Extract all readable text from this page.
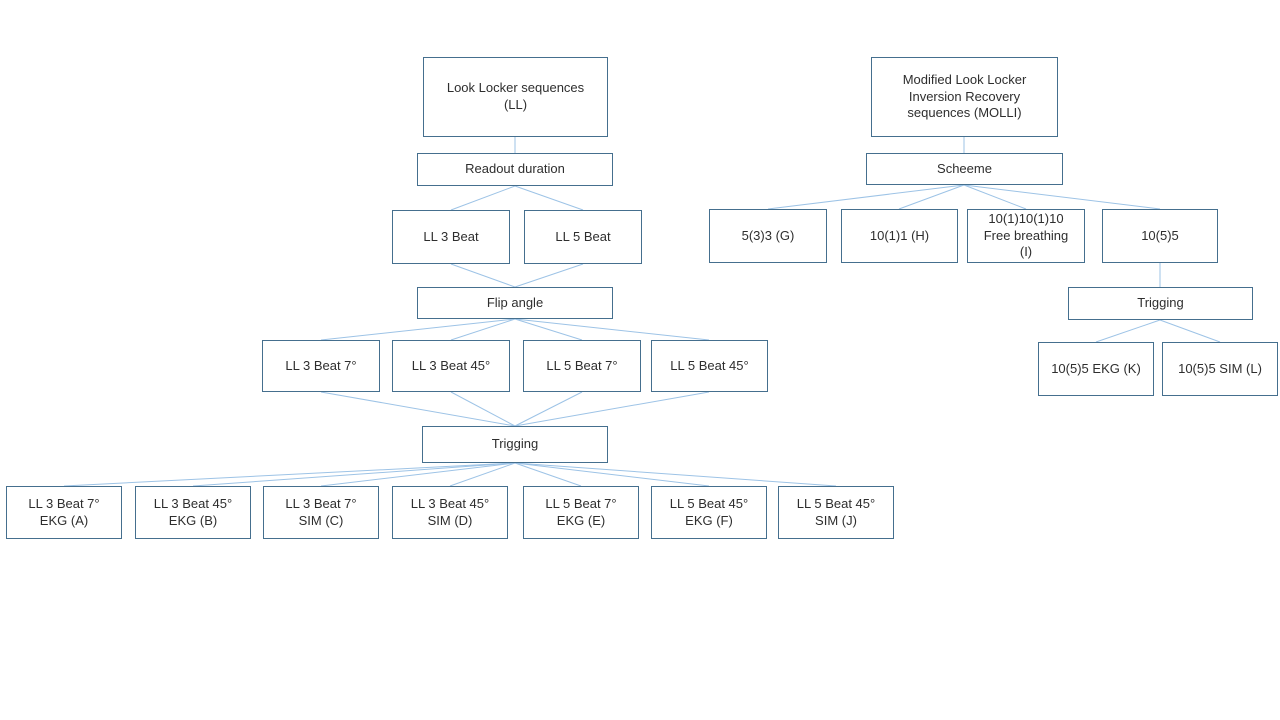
Look Locker sequences
(LL)
Readout duration
LL 3 Beat	LL 5 Beat
Flip angle
LL 3 Beat 7°	LL 3 Beat 45°	LL 5 Beat 7°	LL 5 Beat 45°
Trigging
LL 3 Beat 7°
EKG (A)
LL 3 Beat 45°
EKG (B)
LL 3 Beat 7°
SIM (C)
LL 3 Beat 45°
SIM (D)
LL 5 Beat 7°
EKG (E)
LL 5 Beat 45°
EKG (F)
LL 5 Beat 45°
SIM (J)
Modified Look Locker
Inversion Recovery
sequences (MOLLI)
Scheeme
5(3)3 (G)	10(1)1 (H)
10(1)10(1)10
Free breathing
(I)
10(5)5
Trigging
10(5)5 EKG (K)	10(5)5 SIM (L)
